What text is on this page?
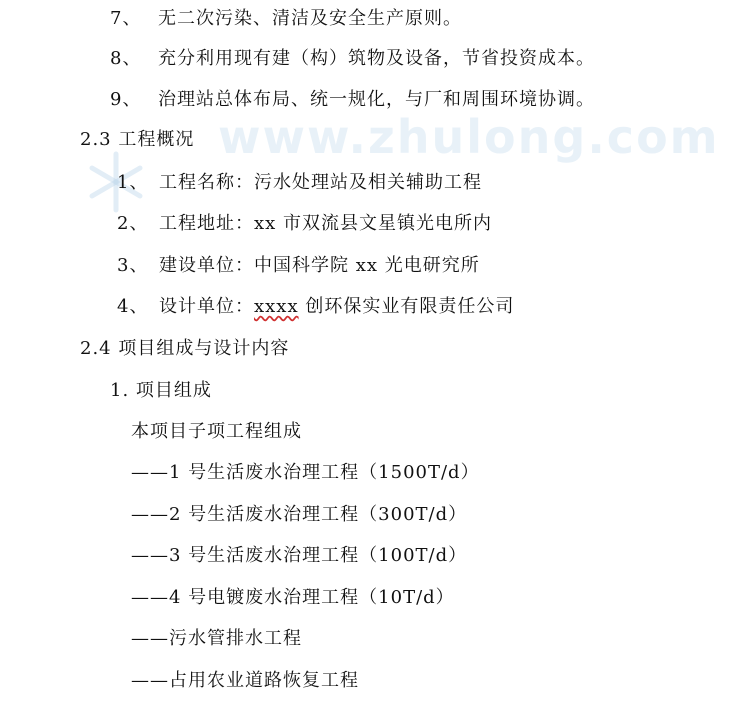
www.zhulong.com
7、 无二次污染、清洁及安全生产原则。
8、 充分利用现有建（构）筑物及设备，节省投资成本。
9、 治理站总体布局、统一规化，与厂和周围环境协调。
2.3 工程概况
1、 工程名称：污水处理站及相关辅助工程
2、 工程地址：xx 市双流县文星镇光电所内
3、 建设单位：中国科学院 xx 光电研究所
4、 设计单位：xxxx 创环保实业有限责任公司
2.4 项目组成与设计内容
1. 项目组成
本项目子项工程组成
——1 号生活废水治理工程（1500T/d）
——2 号生活废水治理工程（300T/d）
——3 号生活废水治理工程（100T/d）
——4 号电镀废水治理工程（10T/d）
——污水管排水工程
——占用农业道路恢复工程
